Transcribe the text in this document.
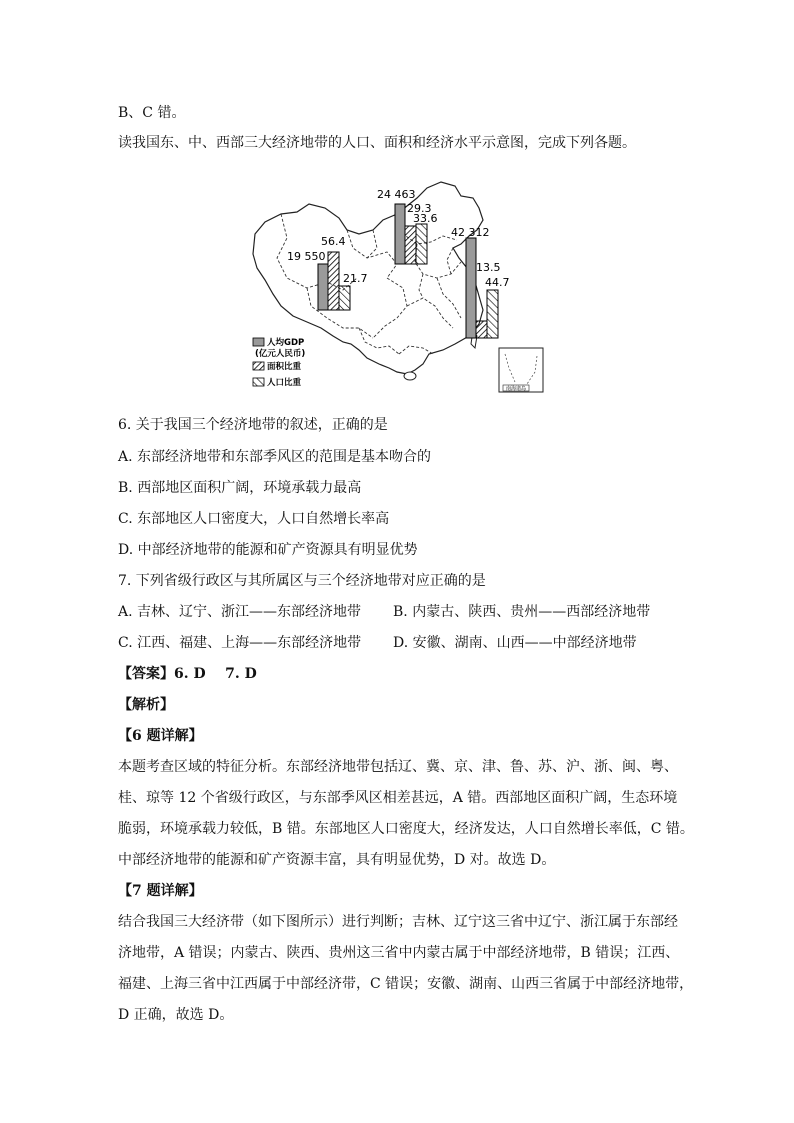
B、C 错。
读我国东、中、西部三大经济地带的人口、面积和经济水平示意图，完成下列各题。
南海诸岛
19 550
56.4
21.7
24 463
29.3
33.6
42 312
13.5
44.7
人均GDP
(亿元人民币)
面积比重
人口比重
6. 关于我国三个经济地带的叙述，正确的是
A. 东部经济地带和东部季风区的范围是基本吻合的
B. 西部地区面积广阔，环境承载力最高
C. 东部地区人口密度大，人口自然增长率高
D. 中部经济地带的能源和矿产资源具有明显优势
7. 下列省级行政区与其所属区与三个经济地带对应正确的是
A. 吉林、辽宁、浙江——东部经济地带 B. 内蒙古、陕西、贵州——西部经济地带
C. 江西、福建、上海——东部经济地带 D. 安徽、湖南、山西——中部经济地带
【答案】6. D    7. D
【解析】
【6 题详解】
本题考查区域的特征分析。东部经济地带包括辽、冀、京、津、鲁、苏、沪、浙、闽、粤、
桂、琼等 12 个省级行政区，与东部季风区相差甚远，A 错。西部地区面积广阔，生态环境
脆弱，环境承载力较低，B 错。东部地区人口密度大，经济发达，人口自然增长率低，C 错。
中部经济地带的能源和矿产资源丰富，具有明显优势，D 对。故选 D。
【7 题详解】
结合我国三大经济带（如下图所示）进行判断；吉林、辽宁这三省中辽宁、浙江属于东部经
济地带，A 错误；内蒙古、陕西、贵州这三省中内蒙古属于中部经济地带，B 错误；江西、
福建、上海三省中江西属于中部经济带，C 错误；安徽、湖南、山西三省属于中部经济地带，
D 正确，故选 D。
